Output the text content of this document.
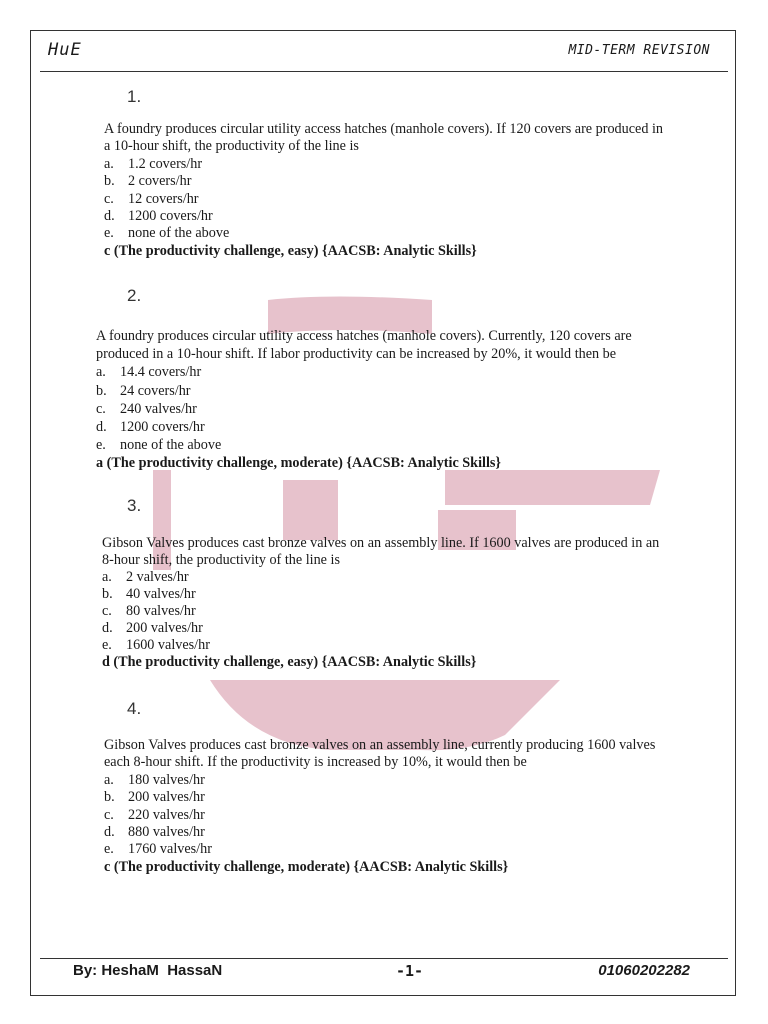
HuE	MID-TERM REVISION
1.
A foundry produces circular utility access hatches (manhole covers). If 120 covers are produced in
a 10-hour shift, the productivity of the line is
a. 1.2 covers/hr
b. 2 covers/hr
c. 12 covers/hr
d. 1200 covers/hr
e. none of the above
c (The productivity challenge, easy) {AACSB: Analytic Skills}
2.
A foundry produces circular utility access hatches (manhole covers). Currently, 120 covers are
produced in a 10-hour shift. If labor productivity can be increased by 20%, it would then be
a. 14.4 covers/hr
b. 24 covers/hr
c. 240 valves/hr
d. 1200 covers/hr
e. none of the above
a (The productivity challenge, moderate) {AACSB: Analytic Skills}
3.
Gibson Valves produces cast bronze valves on an assembly line. If 1600 valves are produced in an
8-hour shift, the productivity of the line is
a. 2 valves/hr
b. 40 valves/hr
c. 80 valves/hr
d. 200 valves/hr
e. 1600 valves/hr
d (The productivity challenge, easy) {AACSB: Analytic Skills}
4.
Gibson Valves produces cast bronze valves on an assembly line, currently producing 1600 valves
each 8-hour shift. If the productivity is increased by 10%, it would then be
a. 180 valves/hr
b. 200 valves/hr
c. 220 valves/hr
d. 880 valves/hr
e. 1760 valves/hr
c (The productivity challenge, moderate) {AACSB: Analytic Skills}
By: HeshaM  HassaN	-1-	01060202282
